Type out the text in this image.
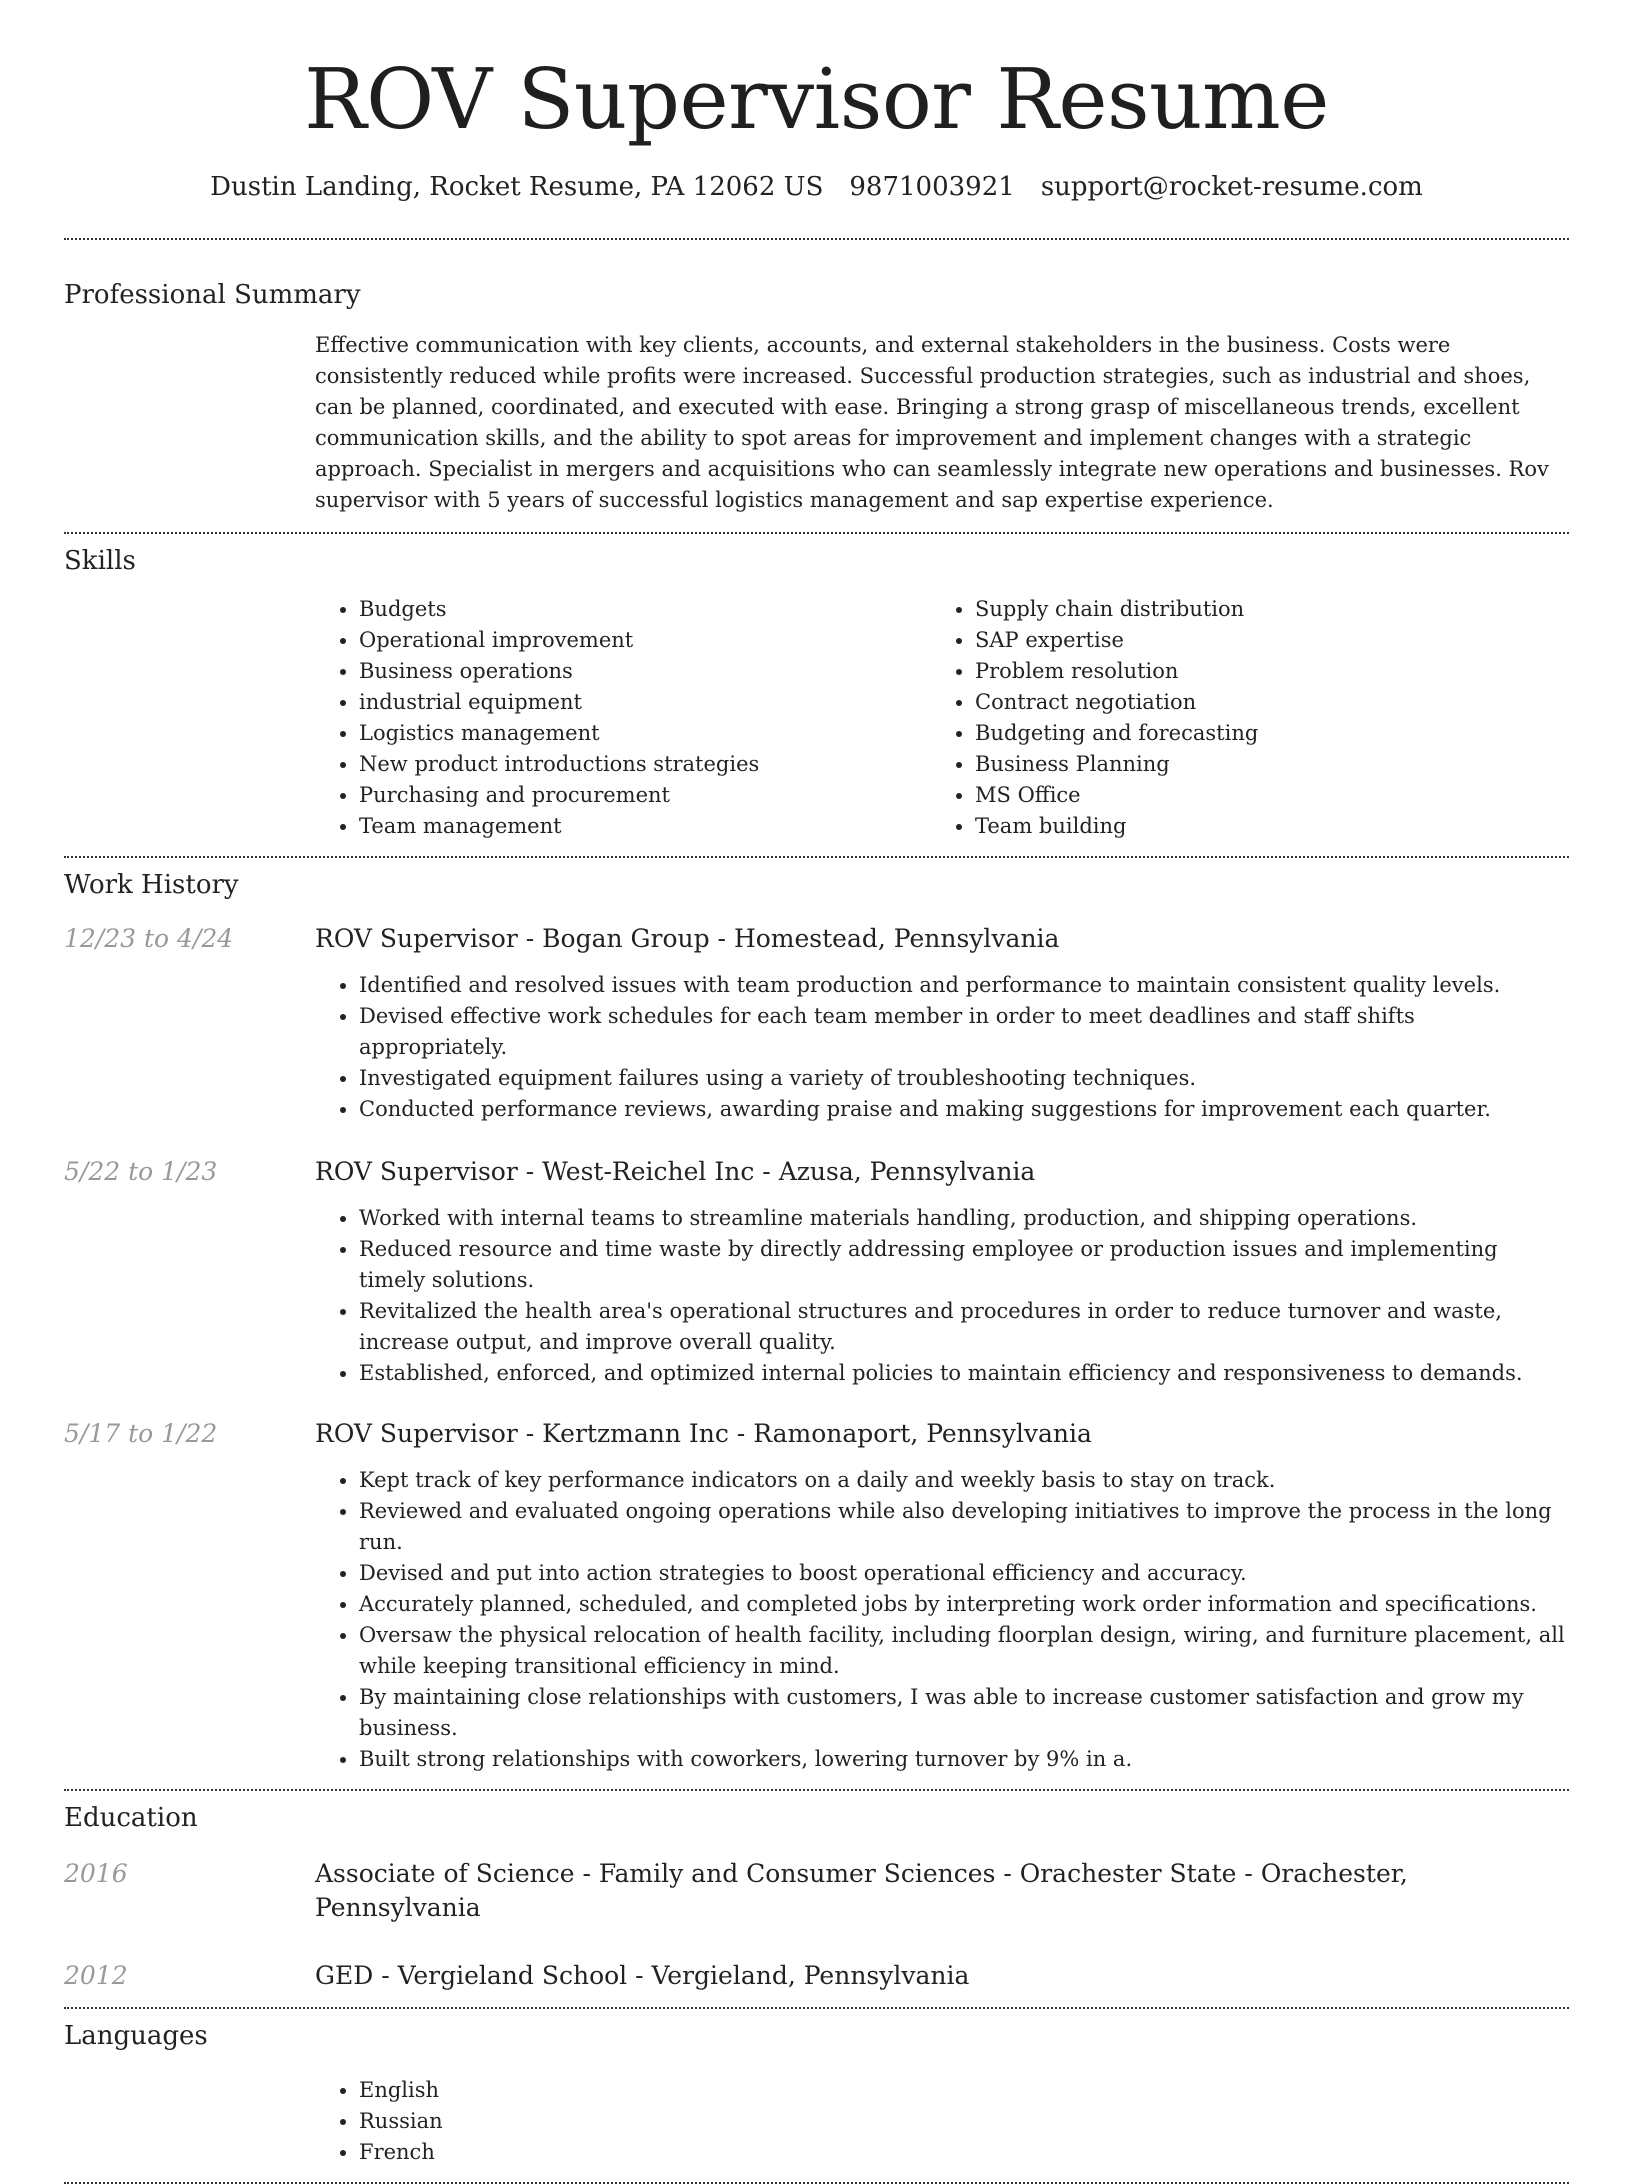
ROV Supervisor Resume
Dustin Landing, Rocket Resume, PA 12062 US 9871003921 support@rocket-resume.com
Professional Summary
Effective communication with key clients, accounts, and external stakeholders in the business. Costs were consistently reduced while profits were increased. Successful production strategies, such as industrial and shoes, can be planned, coordinated, and executed with ease. Bringing a strong grasp of miscellaneous trends, excellent communication skills, and the ability to spot areas for improvement and implement changes with a strategic approach. Specialist in mergers and acquisitions who can seamlessly integrate new operations and businesses. Rov supervisor with 5 years of successful logistics management and sap expertise experience.
Skills
• Budgets
• Operational improvement
• Business operations
• industrial equipment
• Logistics management
• New product introductions strategies
• Purchasing and procurement
• Team management
• Supply chain distribution
• SAP expertise
• Problem resolution
• Contract negotiation
• Budgeting and forecasting
• Business Planning
• MS Office
• Team building
Work History
12/23 to 4/24	ROV Supervisor - Bogan Group - Homestead, Pennsylvania
• Identified and resolved issues with team production and performance to maintain consistent quality levels.
• Devised effective work schedules for each team member in order to meet deadlines and staff shifts appropriately.
• Investigated equipment failures using a variety of troubleshooting techniques.
• Conducted performance reviews, awarding praise and making suggestions for improvement each quarter.
5/22 to 1/23	ROV Supervisor - West-Reichel Inc - Azusa, Pennsylvania
• Worked with internal teams to streamline materials handling, production, and shipping operations.
• Reduced resource and time waste by directly addressing employee or production issues and implementing timely solutions.
• Revitalized the health area's operational structures and procedures in order to reduce turnover and waste, increase output, and improve overall quality.
• Established, enforced, and optimized internal policies to maintain efficiency and responsiveness to demands.
5/17 to 1/22	ROV Supervisor - Kertzmann Inc - Ramonaport, Pennsylvania
• Kept track of key performance indicators on a daily and weekly basis to stay on track.
• Reviewed and evaluated ongoing operations while also developing initiatives to improve the process in the long run.
• Devised and put into action strategies to boost operational efficiency and accuracy.
• Accurately planned, scheduled, and completed jobs by interpreting work order information and specifications.
• Oversaw the physical relocation of health facility, including floorplan design, wiring, and furniture placement, all while keeping transitional efficiency in mind.
• By maintaining close relationships with customers, I was able to increase customer satisfaction and grow my business.
• Built strong relationships with coworkers, lowering turnover by 9% in a.
Education
2016	Associate of Science - Family and Consumer Sciences - Orachester State - Orachester, Pennsylvania
2012	GED - Vergieland School - Vergieland, Pennsylvania
Languages
• English
• Russian
• French
